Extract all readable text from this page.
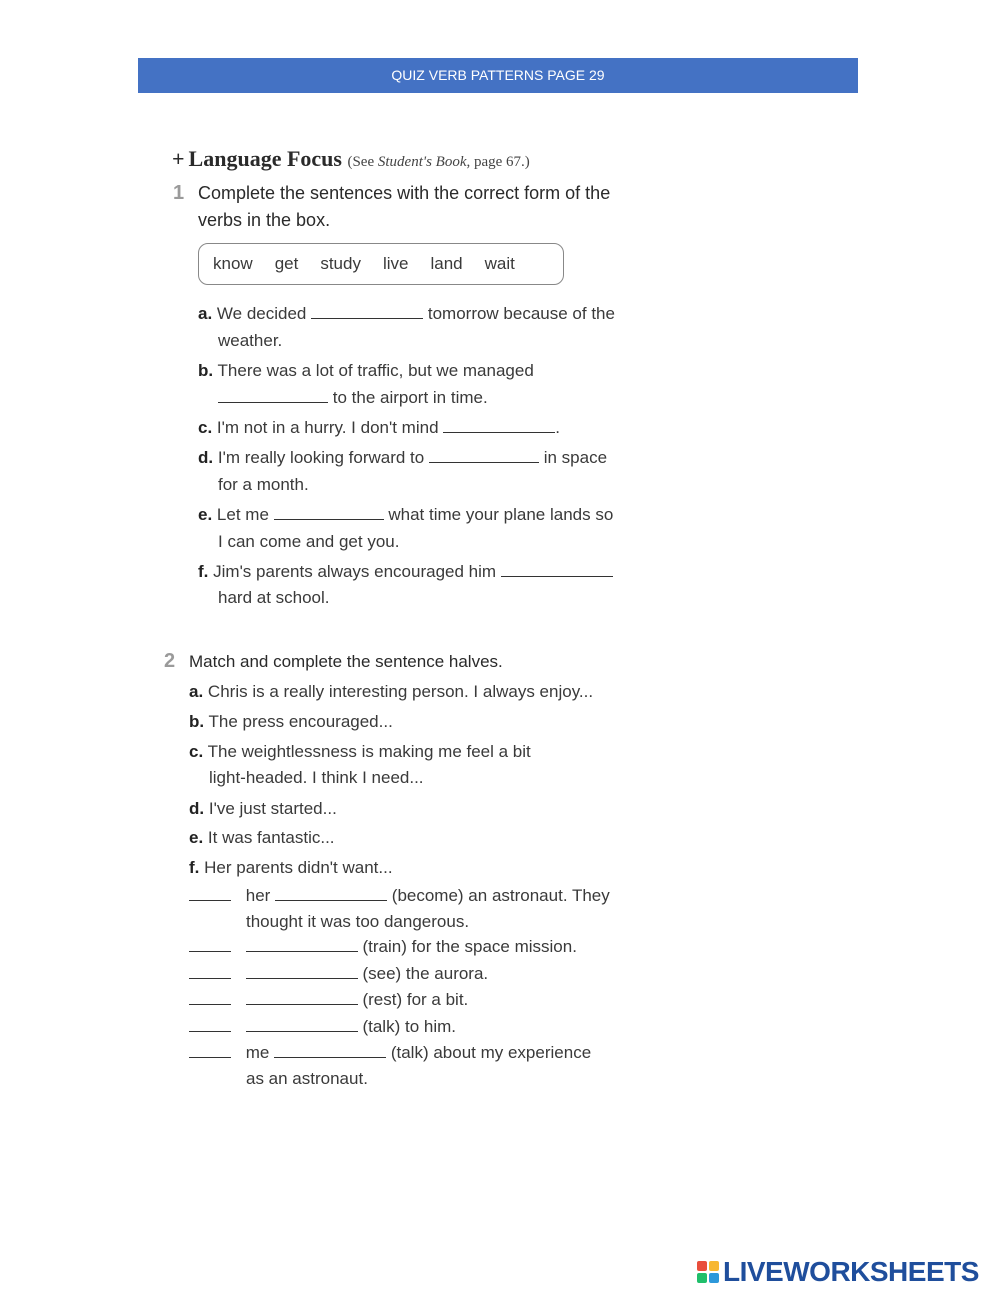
QUIZ VERB PATTERNS PAGE 29
+ Language Focus (See Student's Book, page 67.)
1 Complete the sentences with the correct form of the
verbs in the box.
know get study live land wait
a. We decided	tomorrow because of the
weather.
b. There was a lot of traffic, but we managed
to the airport in time.
c. I'm not in a hurry. I don't mind	.
d. I'm really looking forward to	in space
for a month.
e. Let me	what time your plane lands so
I can come and get you.
f. Jim's parents always encouraged him
hard at school.
2 Match and complete the sentence halves.
a. Chris is a really interesting person. I always enjoy...
b. The press encouraged...
c. The weightlessness is making me feel a bit
light-headed. I think I need...
d. I've just started...
e. It was fantastic...
f. Her parents didn't want...
her	(become) an astronaut. They
thought it was too dangerous.
(train) for the space mission.
(see) the aurora.
(rest) for a bit.
(talk) to him.
me	(talk) about my experience
as an astronaut.
LIVEWORKSHEETS
